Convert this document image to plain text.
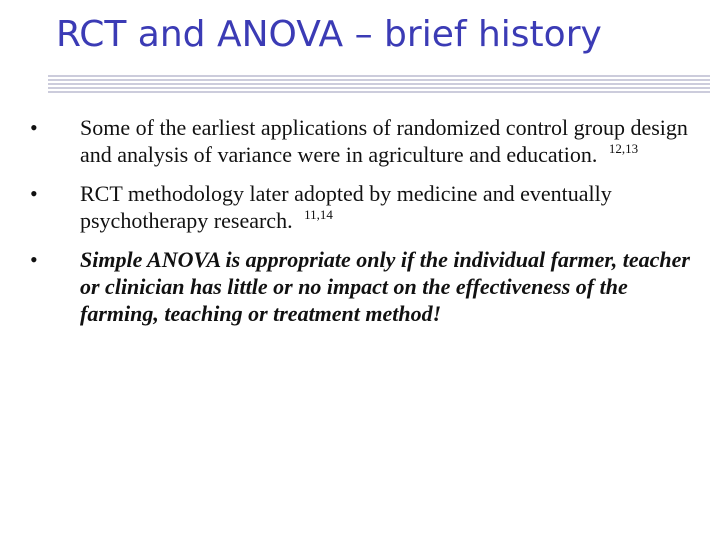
RCT and ANOVA – brief history
•	Some of the earliest applications of randomized control group design and analysis of variance were in agriculture and education. $^{12,13}$
•	RCT methodology later adopted by medicine and eventually psychotherapy research. $^{11,14}$
•	Simple ANOVA is appropriate only if the individual farmer, teacher or clinician has little or no impact on the effectiveness of the farming, teaching or treatment method!
